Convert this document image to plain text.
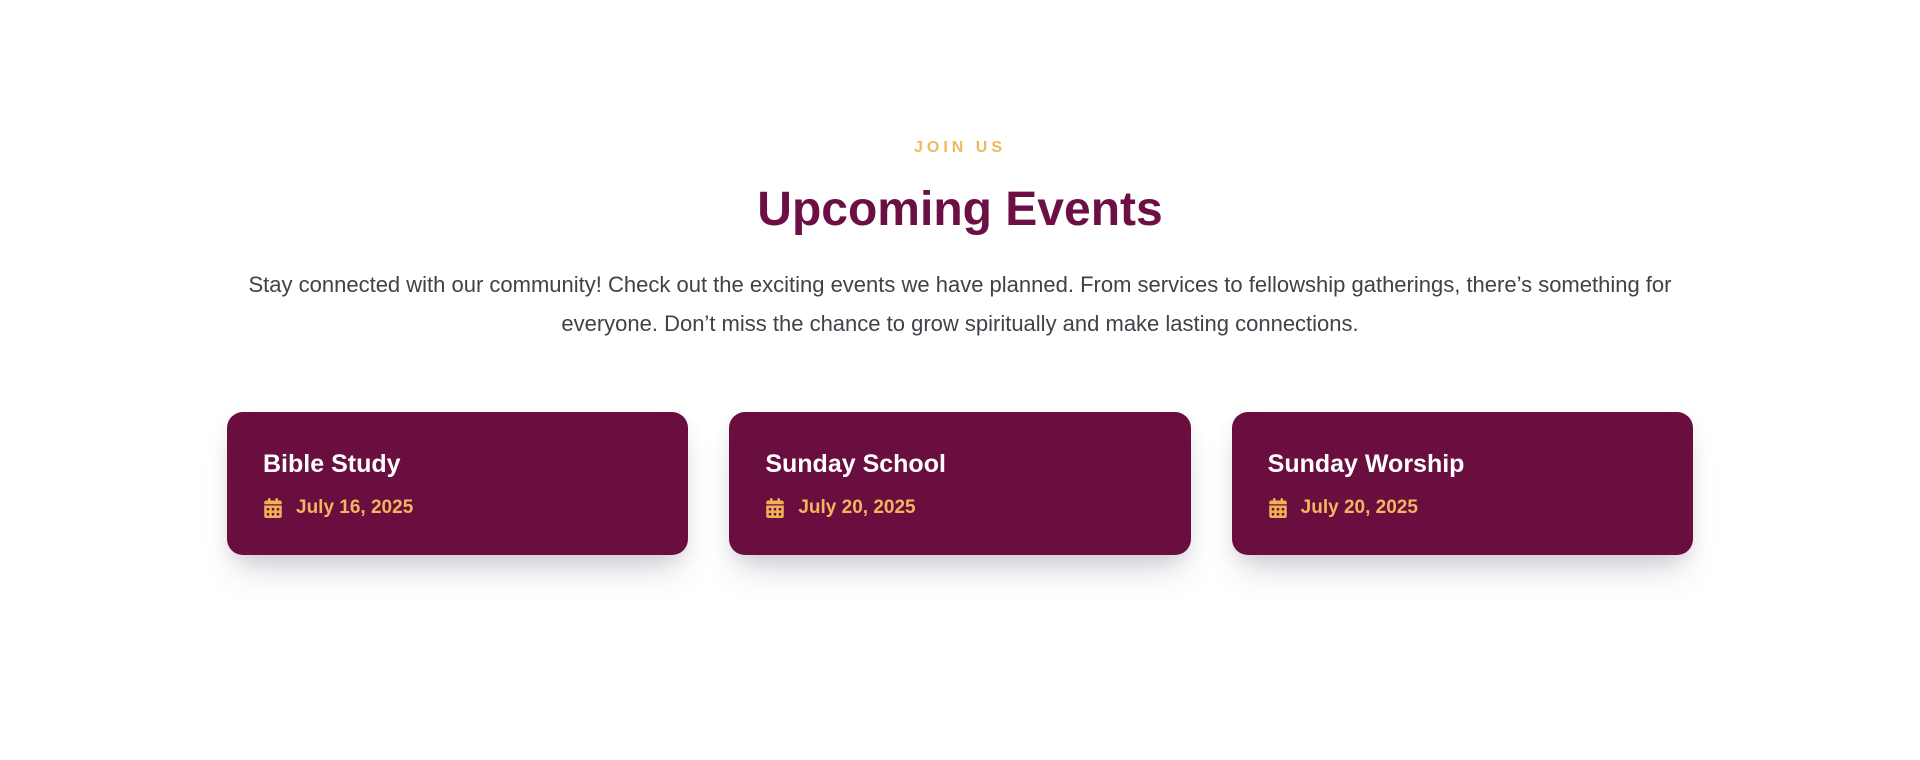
JOIN US
Upcoming Events

Stay connected with our community! Check out the exciting events we have planned. From services to fellowship gatherings, there’s something for everyone. Don’t miss the chance to grow spiritually and make lasting connections.

Bible Study
July 16, 2025
Sunday School
July 20, 2025
Sunday Worship
July 20, 2025
